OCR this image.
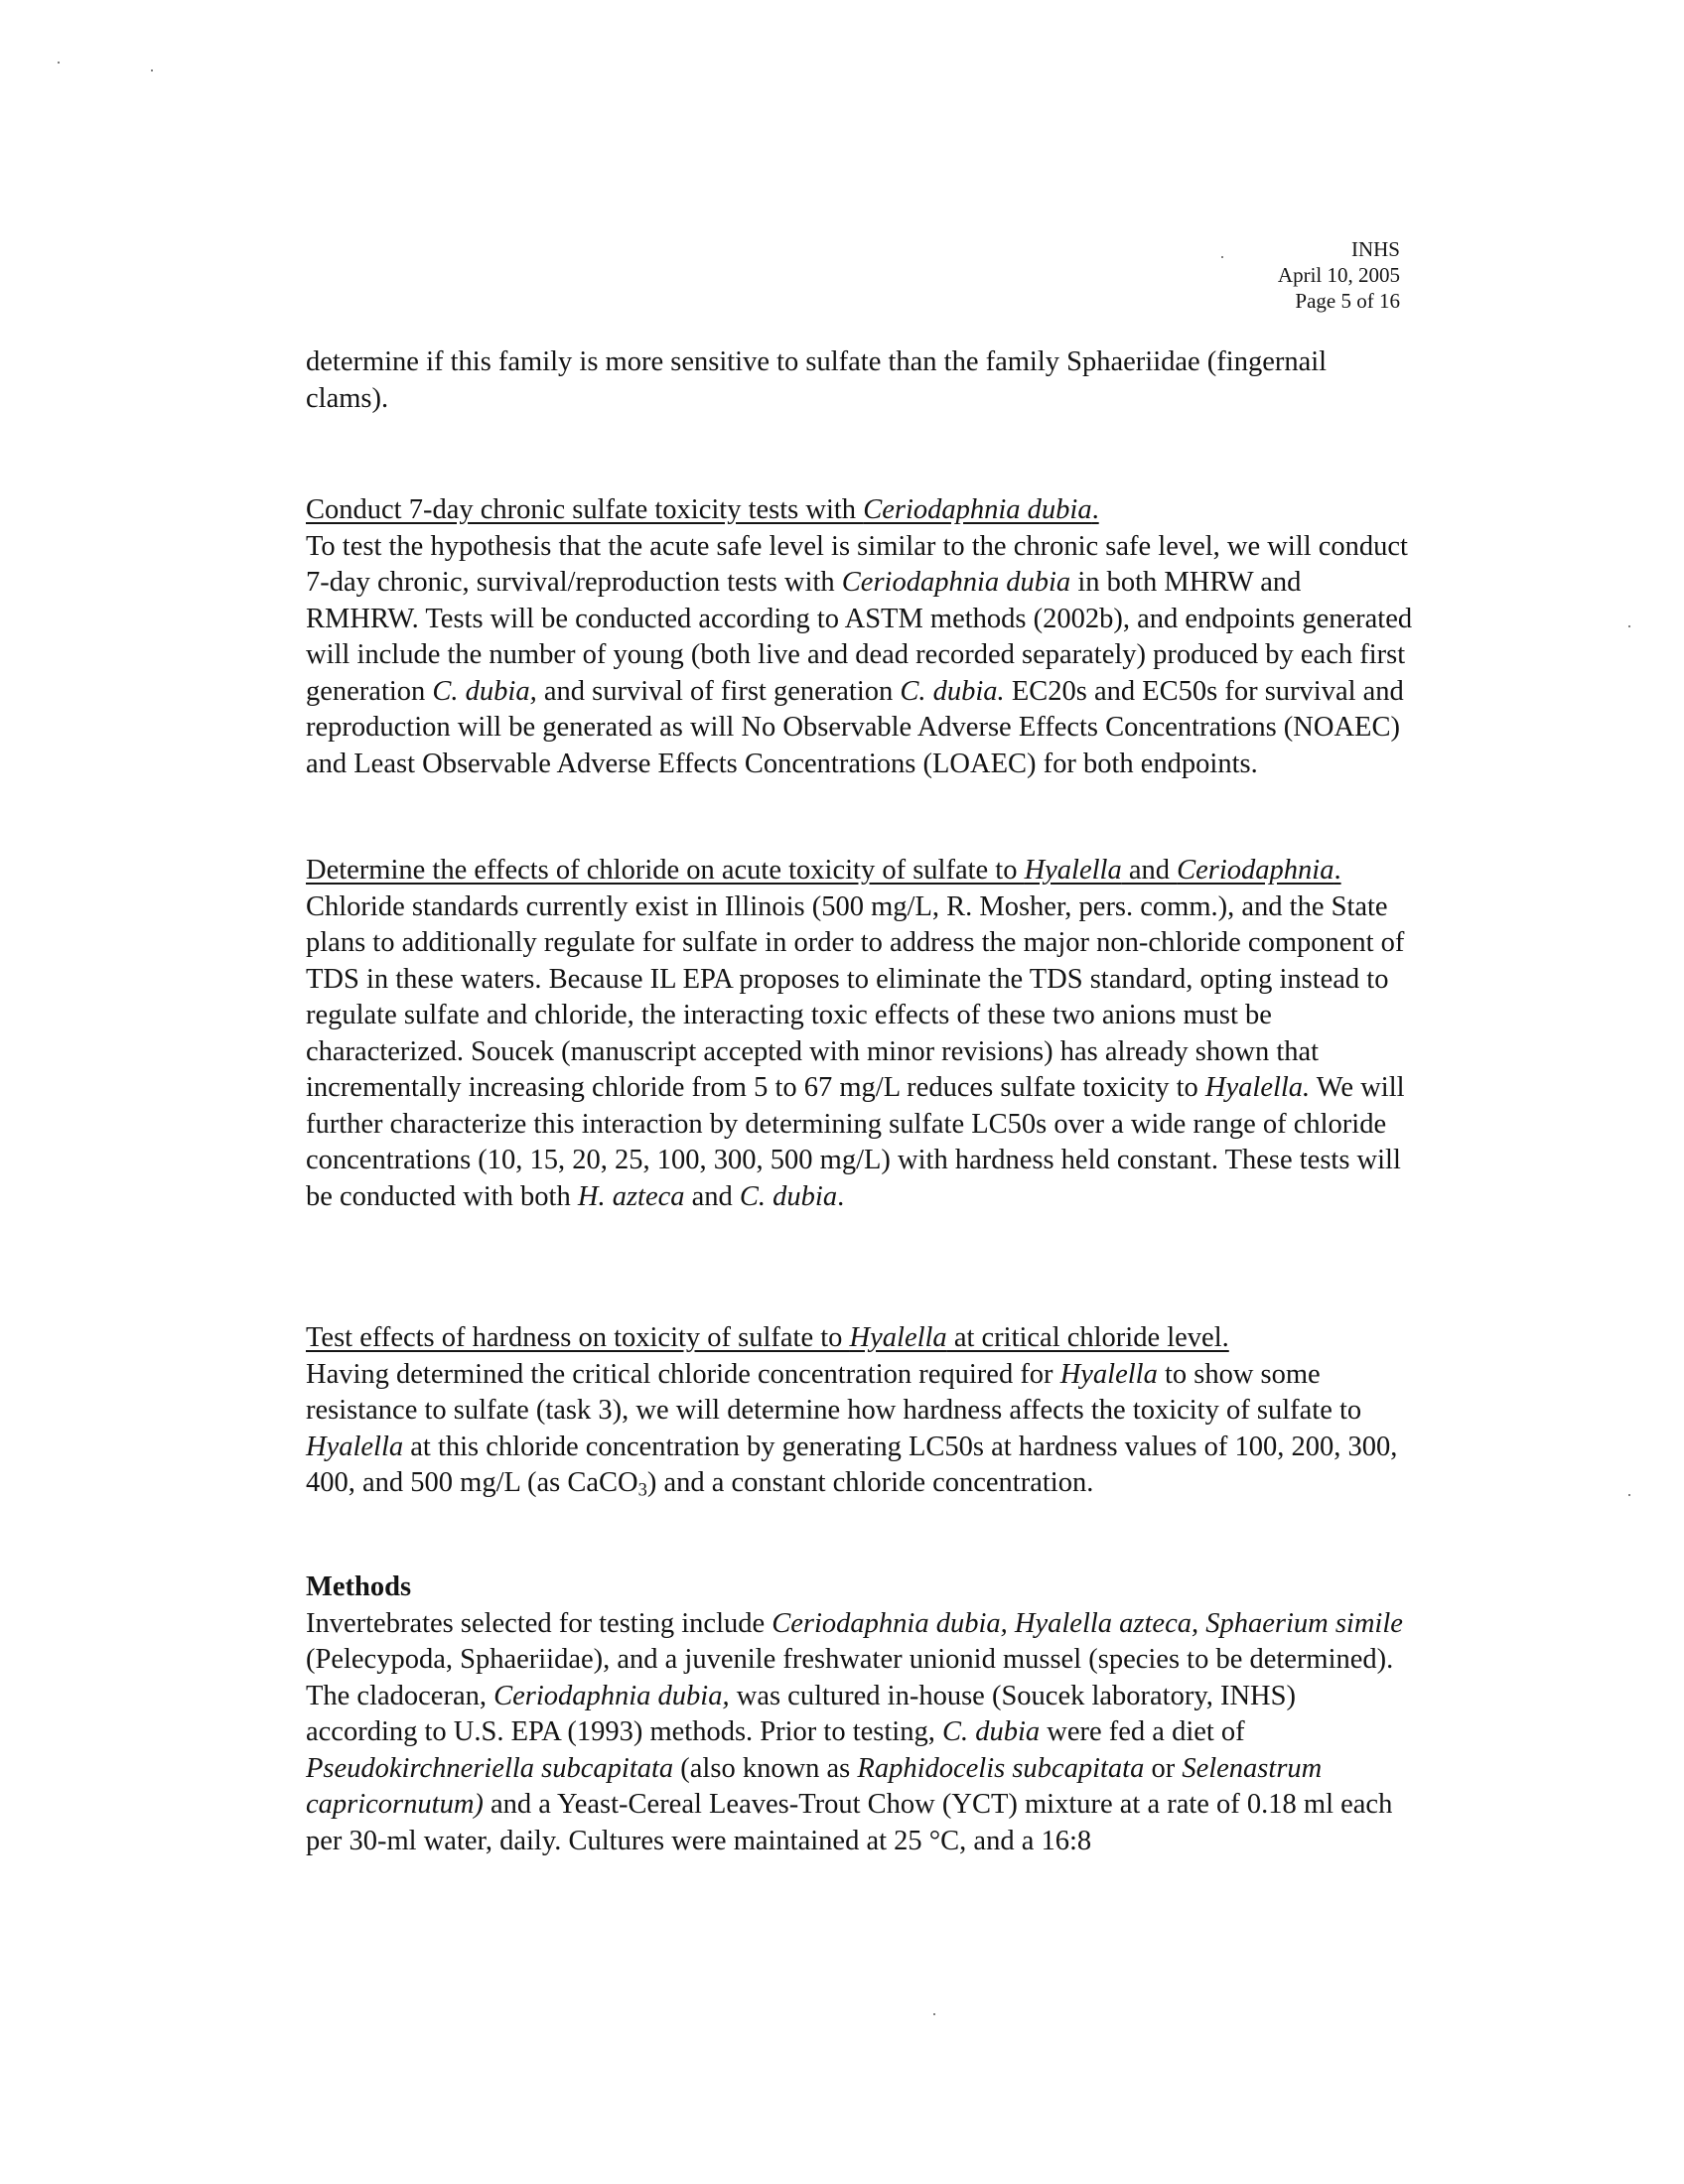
INHS
April 10, 2005
Page 5 of 16

determine if this family is more sensitive to sulfate than the family Sphaeriidae (fingernail clams).

Conduct 7-day chronic sulfate toxicity tests with Ceriodaphnia dubia.

To test the hypothesis that the acute safe level is similar to the chronic safe level, we will conduct 7-day chronic, survival/reproduction tests with Ceriodaphnia dubia in both MHRW and RMHRW. Tests will be conducted according to ASTM methods (2002b), and endpoints generated will include the number of young (both live and dead recorded separately) produced by each first generation C. dubia, and survival of first generation C. dubia. EC20s and EC50s for survival and reproduction will be generated as will No Observable Adverse Effects Concentrations (NOAEC) and Least Observable Adverse Effects Concentrations (LOAEC) for both endpoints.

Determine the effects of chloride on acute toxicity of sulfate to Hyalella and Ceriodaphnia.

Chloride standards currently exist in Illinois (500 mg/L, R. Mosher, pers. comm.), and the State plans to additionally regulate for sulfate in order to address the major non-chloride component of TDS in these waters. Because IL EPA proposes to eliminate the TDS standard, opting instead to regulate sulfate and chloride, the interacting toxic effects of these two anions must be characterized. Soucek (manuscript accepted with minor revisions) has already shown that incrementally increasing chloride from 5 to 67 mg/L reduces sulfate toxicity to Hyalella. We will further characterize this interaction by determining sulfate LC50s over a wide range of chloride concentrations (10, 15, 20, 25, 100, 300, 500 mg/L) with hardness held constant. These tests will be conducted with both H. azteca and C. dubia.

Test effects of hardness on toxicity of sulfate to Hyalella at critical chloride level.

Having determined the critical chloride concentration required for Hyalella to show some resistance to sulfate (task 3), we will determine how hardness affects the toxicity of sulfate to Hyalella at this chloride concentration by generating LC50s at hardness values of 100, 200, 300, 400, and 500 mg/L (as CaCO$_3$) and a constant chloride concentration.

Methods

Invertebrates selected for testing include Ceriodaphnia dubia, Hyalella azteca, Sphaerium simile (Pelecypoda, Sphaeriidae), and a juvenile freshwater unionid mussel (species to be determined). The cladoceran, Ceriodaphnia dubia, was cultured in-house (Soucek laboratory, INHS) according to U.S. EPA (1993) methods. Prior to testing, C. dubia were fed a diet of Pseudokirchneriella subcapitata (also known as Raphidocelis subcapitata or Selenastrum capricornutum) and a Yeast-Cereal Leaves-Trout Chow (YCT) mixture at a rate of 0.18 ml each per 30-ml water, daily. Cultures were maintained at 25 °C, and a 16:8
